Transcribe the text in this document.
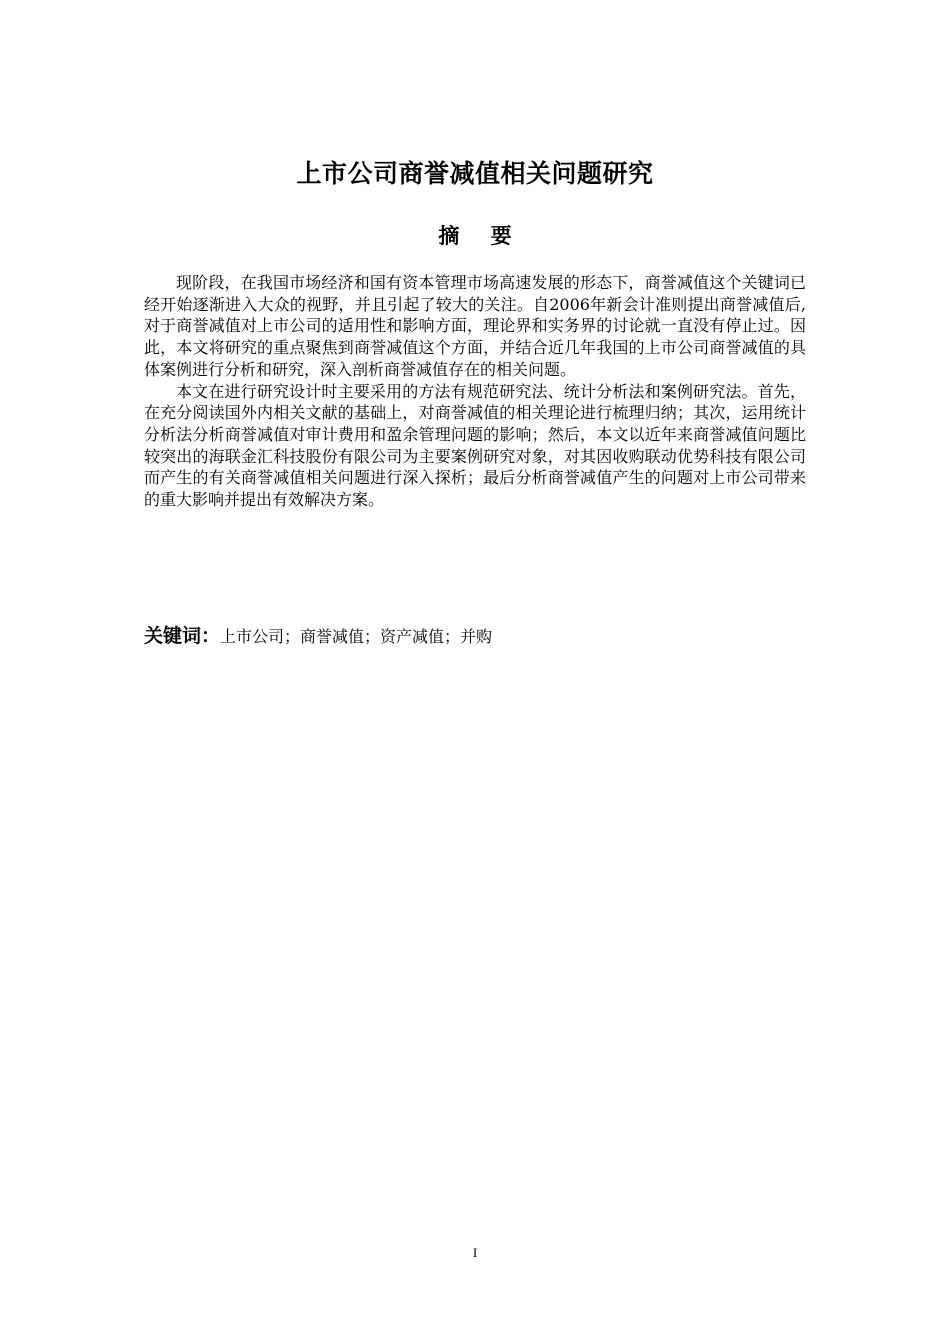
上市公司商誉减值相关问题研究
摘 要

现阶段，在我国市场经济和国有资本管理市场高速发展的形态下，商誉减值这个关键词已经开始逐渐进入大众的视野，并且引起了较大的关注。自2006年新会计准则提出商誉减值后,对于商誉减值对上市公司的适用性和影响方面，理论界和实务界的讨论就一直没有停止过。因此，本文将研究的重点聚焦到商誉减值这个方面，并结合近几年我国的上市公司商誉减值的具体案例进行分析和研究，深入剖析商誉减值存在的相关问题。

本文在进行研究设计时主要采用的方法有规范研究法、统计分析法和案例研究法。首先，在充分阅读国外内相关文献的基础上，对商誉减值的相关理论进行梳理归纳；其次，运用统计分析法分析商誉减值对审计费用和盈余管理问题的影响；然后，本文以近年来商誉减值问题比较突出的海联金汇科技股份有限公司为主要案例研究对象，对其因收购联动优势科技有限公司而产生的有关商誉减值相关问题进行深入探析；最后分析商誉减值产生的问题对上市公司带来的重大影响并提出有效解决方案。

关键词：上市公司；商誉减值；资产减值；并购
I
